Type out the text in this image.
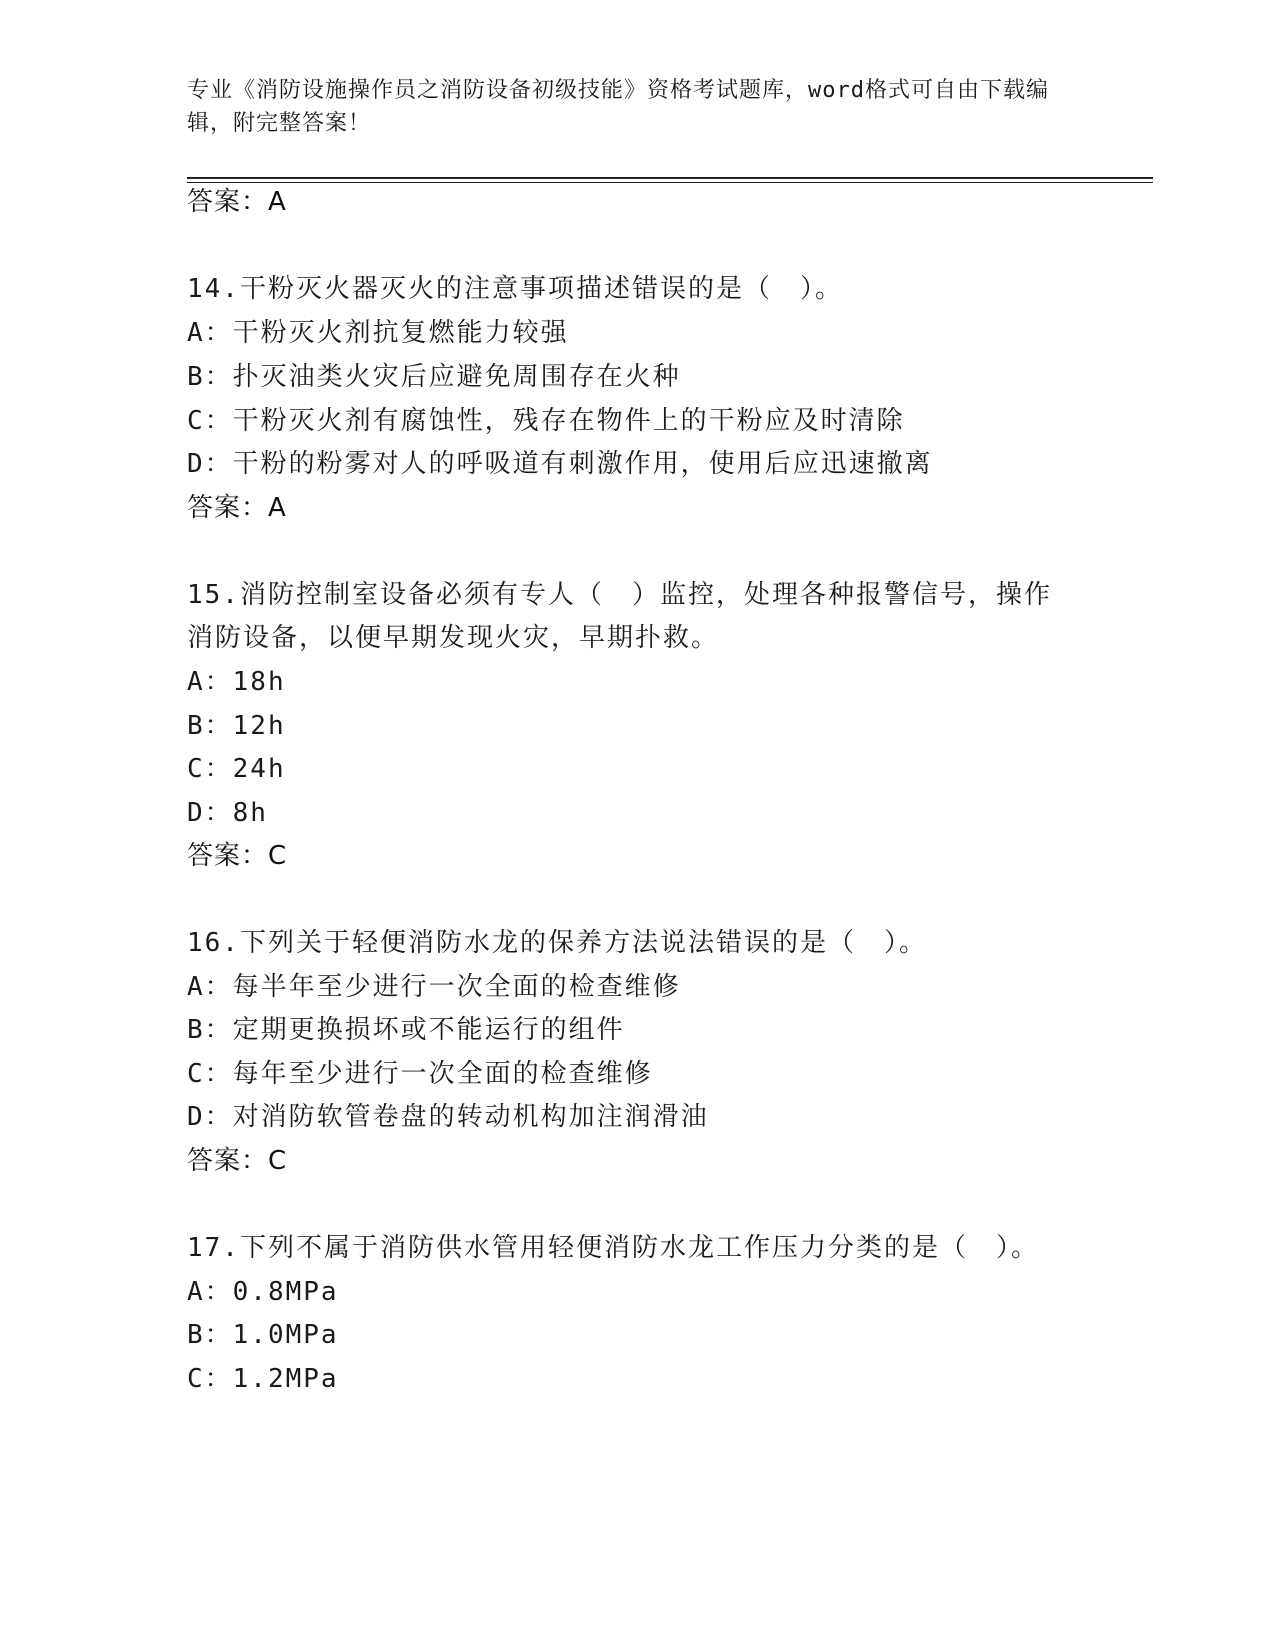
专业《消防设施操作员之消防设备初级技能》资格考试题库，word格式可自由下载编辑，附完整答案！
答案：A
14.干粉灭火器灭火的注意事项描述错误的是（　）。
A：干粉灭火剂抗复燃能力较强
B：扑灭油类火灾后应避免周围存在火种
C：干粉灭火剂有腐蚀性，残存在物件上的干粉应及时清除
D：干粉的粉雾对人的呼吸道有刺激作用，使用后应迅速撤离
答案：A
15.消防控制室设备必须有专人（　）监控，处理各种报警信号，操作
消防设备，以便早期发现火灾，早期扑救。
A：18h
B：12h
C：24h
D：8h
答案：C
16.下列关于轻便消防水龙的保养方法说法错误的是（　）。
A：每半年至少进行一次全面的检查维修
B：定期更换损坏或不能运行的组件
C：每年至少进行一次全面的检查维修
D：对消防软管卷盘的转动机构加注润滑油
答案：C
17.下列不属于消防供水管用轻便消防水龙工作压力分类的是（　）。
A：0.8MPa
B：1.0MPa
C：1.2MPa
